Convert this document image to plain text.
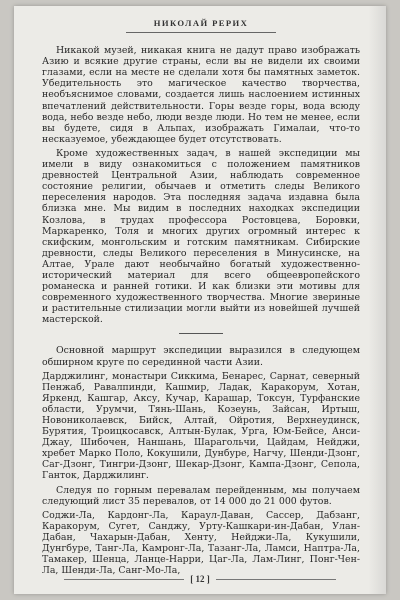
НИКОЛАЙ РЕРИХ

Никакой музей, никакая книга не дадут право изображать Азию и всякие другие страны, если вы не видели их своими глазами, если на месте не сделали хотя бы памятных заметок. Убедительность это магическое качество творчества, необъяснимое словами, создается лишь наслоением истинных впечатлений действительности. Горы везде горы, вода всюду вода, небо везде небо, люди везде люди. Но тем не менее, если вы будете, сидя в Альпах, изображать Гималаи, что-то несказуемое, убеждающее будет отсутствовать.

Кроме художественных задач, в нашей экспедиции мы имели в виду ознакомиться с положением памятников древностей Центральной Азии, наблюдать современное состояние религии, обычаев и отметить следы Великого переселения народов. Эта последняя задача издавна была близка мне. Мы видим в последних находках экспедиции Козлова, в трудах профессора Ростовцева, Боровки, Маркаренко, Толя и многих других огромный интерес к скифским, монгольским и готским памятникам. Сибирские древности, следы Великого переселения в Минусинске, на Алтае, Урале дают необычайно богатый художественно-исторический материал для всего общеевропейского романеска и ранней готики. И как близки эти мотивы для современного художественного творчества. Многие звериные и растительные стилизации могли выйти из новейшей лучшей мастерской.

Основной маршрут экспедиции выразился в следующем обширном круге по серединной части Азии.

Дарджилинг, монастыри Сиккима, Бенарес, Сарнат, северный Пенжаб, Равалпинди, Кашмир, Ладак, Каракорум, Хотан, Яркенд, Кашгар, Аксу, Кучар, Карашар, Токсун, Турфанские области, Урумчи, Тянь-Шань, Козеунь, Зайсан, Иртыш, Новониколаевск, Бийск, Алтай, Ойротия, Верхнеудинск, Бурятия, Троицкосавск, Алтын-Булак, Урга, Юм-Бейсе, Анси-Джау, Шибочен, Наншань, Шарагольчи, Цайдам, Нейджи, хребет Марко Поло, Кокушили, Дунбуре, Нагчу, Шенди-Дзонг, Саг-Дзонг, Тингри-Дзонг, Шекар-Дзонг, Кампа-Дзонг, Сепола, Ганток, Дарджилинг.

Следуя по горным перевалам перейденным, мы получаем следующий лист 35 перевалов, от 14 000 до 21 000 футов.

Соджи-Ла, Кардонг-Ла, Караул-Даван, Сассер, Дабзанг, Каракорум, Сугет, Санджу, Урту-Кашкари-ин-Дабан, Улан-Дабан, Чахарын-Дабан, Хенту, Нейджи-Ла, Кукушили, Дунгбуре, Танг-Ла, Камронг-Ла, Тазанг-Ла, Ламси, Наптра-Ла, Тамакер, Шенца, Ланце-Нарри, Цаг-Ла, Лам-Линг, Понг-Чен-Ла, Шенди-Ла, Санг-Мо-Ла,

[ 12 ]
